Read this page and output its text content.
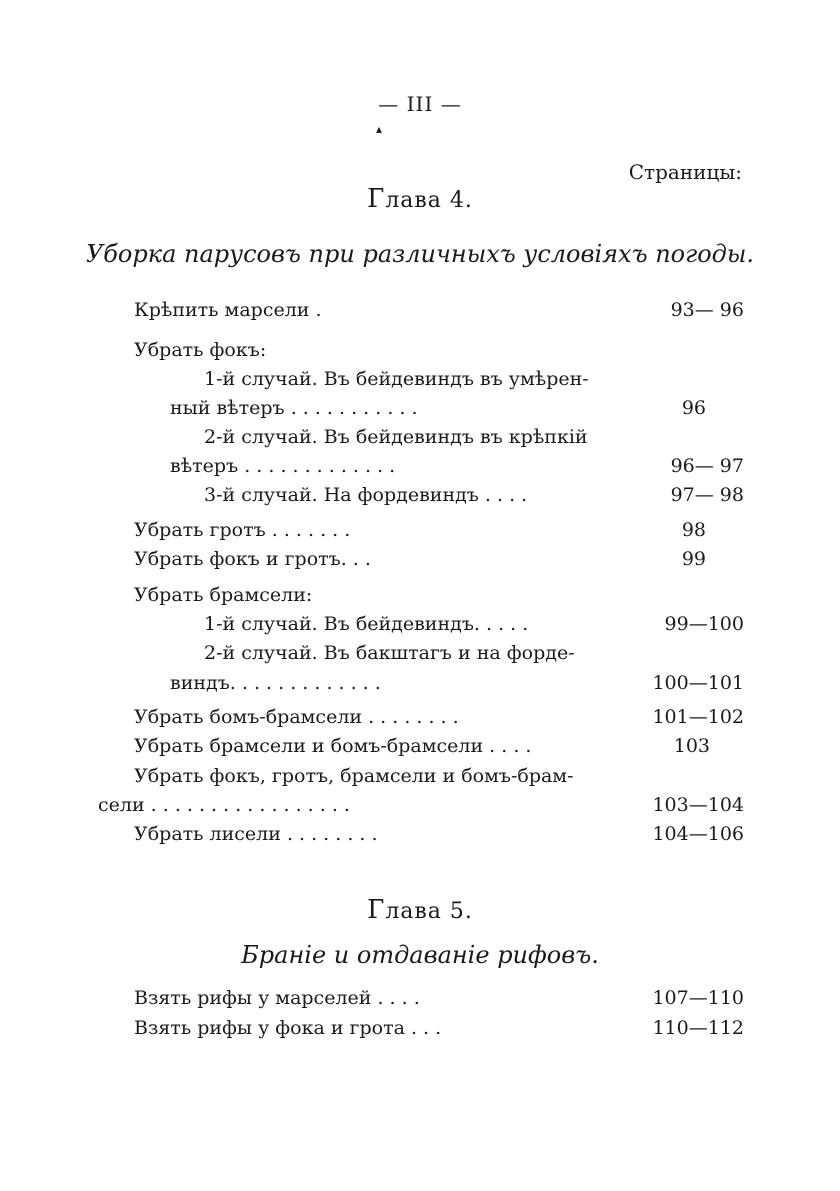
— III —
▴
Страницы:
Глава 4.
Уборка парусовъ при различныхъ условіяхъ погоды.
Крѣпить марсели .	93— 96
Убрать фокъ:
1-й случай. Въ бейдевиндъ въ умѣрен-
ный вѣтеръ . . . . . . . . . . .	96
2-й случай. Въ бейдевиндъ въ крѣпкій
вѣтеръ . . . . . . . . . . . . .	96— 97
3-й случай. На фордевиндъ . . . .	97— 98
Убрать гротъ . . . . . . .	98
Убрать фокъ и гротъ. . .	99
Убрать брамсели:
1-й случай. Въ бейдевиндъ. . . . .	99—100
2-й случай. Въ бакштагъ и на форде-
виндъ. . . . . . . . . . . . .	100—101
Убрать бомъ-брамсели . . . . . . . .	101—102
Убрать брамсели и бомъ-брамсели . . . .	103
Убрать фокъ, гротъ, брамсели и бомъ-брам-
сели . . . . . . . . . . . . . . . . .	103—104
Убрать лисели . . . . . . . .	104—106
Глава 5.
Браніе и отдаваніе рифовъ.
Взять рифы у марселей . . . .	107—110
Взять рифы у фока и грота . . .	110—112
